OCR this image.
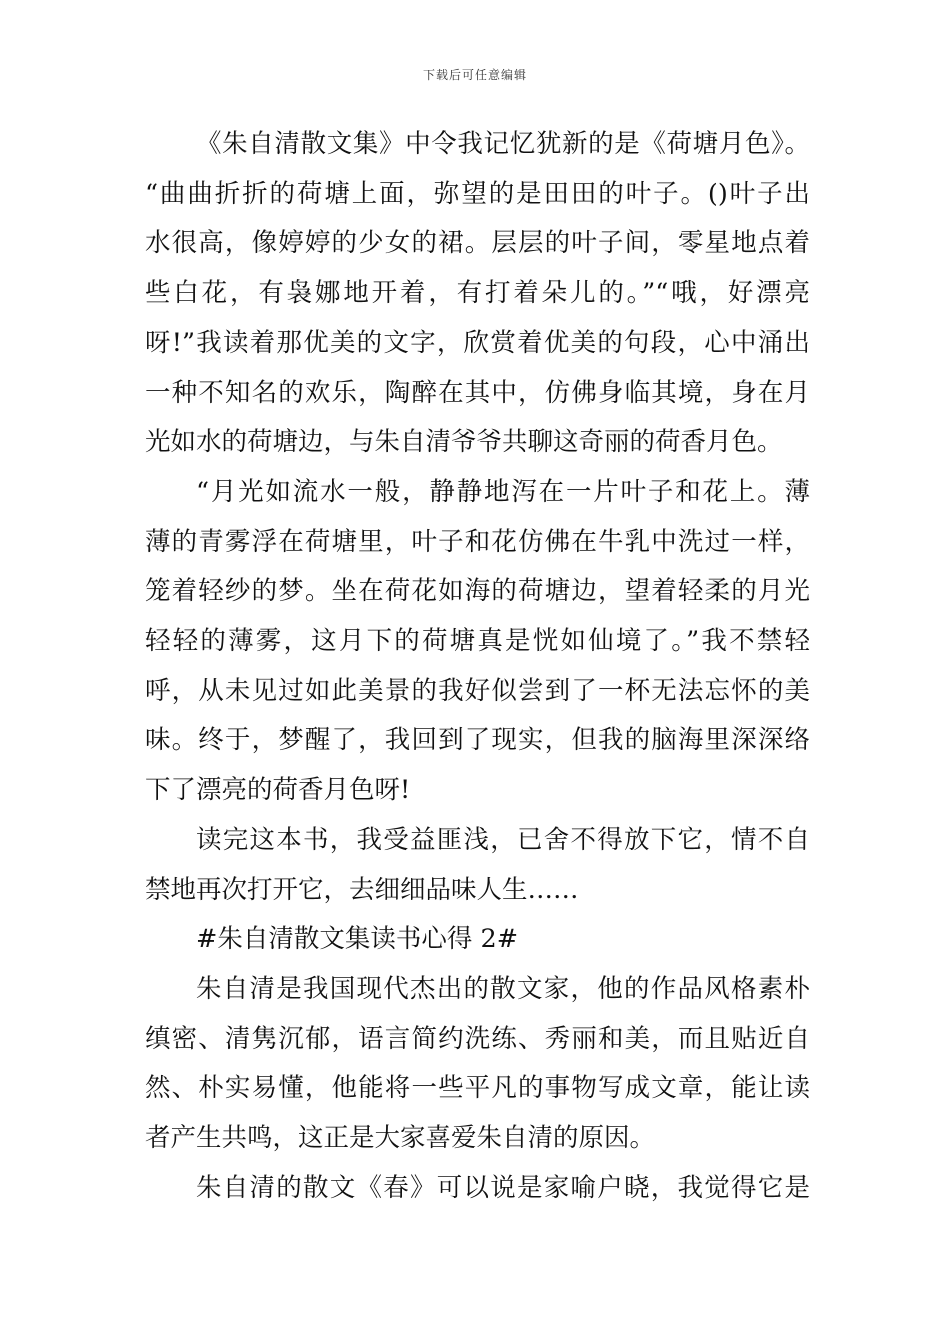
下载后可任意编辑
《朱自清散文集》中令我记忆犹新的是《荷塘月色》。
“曲曲折折的荷塘上面，弥望的是田田的叶子。()叶子出
水很高，像婷婷的少女的裙。层层的叶子间，零星地点着
些白花，有袅娜地开着，有打着朵儿的。”“哦，好漂亮
呀!”我读着那优美的文字，欣赏着优美的句段，心中涌出
一种不知名的欢乐，陶醉在其中，仿佛身临其境，身在月
光如水的荷塘边，与朱自清爷爷共聊这奇丽的荷香月色。
“月光如流水一般，静静地泻在一片叶子和花上。薄
薄的青雾浮在荷塘里，叶子和花仿佛在牛乳中洗过一样，
笼着轻纱的梦。坐在荷花如海的荷塘边，望着轻柔的月光
轻轻的薄雾，这月下的荷塘真是恍如仙境了。”我不禁轻
呼，从未见过如此美景的我好似尝到了一杯无法忘怀的美
味。终于，梦醒了，我回到了现实，但我的脑海里深深络
下了漂亮的荷香月色呀!
读完这本书，我受益匪浅，已舍不得放下它，情不自
禁地再次打开它，去细细品味人生……
#朱自清散文集读书心得 2#
朱自清是我国现代杰出的散文家，他的作品风格素朴
缜密、清隽沉郁，语言简约洗练、秀丽和美，而且贴近自
然、朴实易懂，他能将一些平凡的事物写成文章，能让读
者产生共鸣，这正是大家喜爱朱自清的原因。
朱自清的散文《春》可以说是家喻户晓，我觉得它是
